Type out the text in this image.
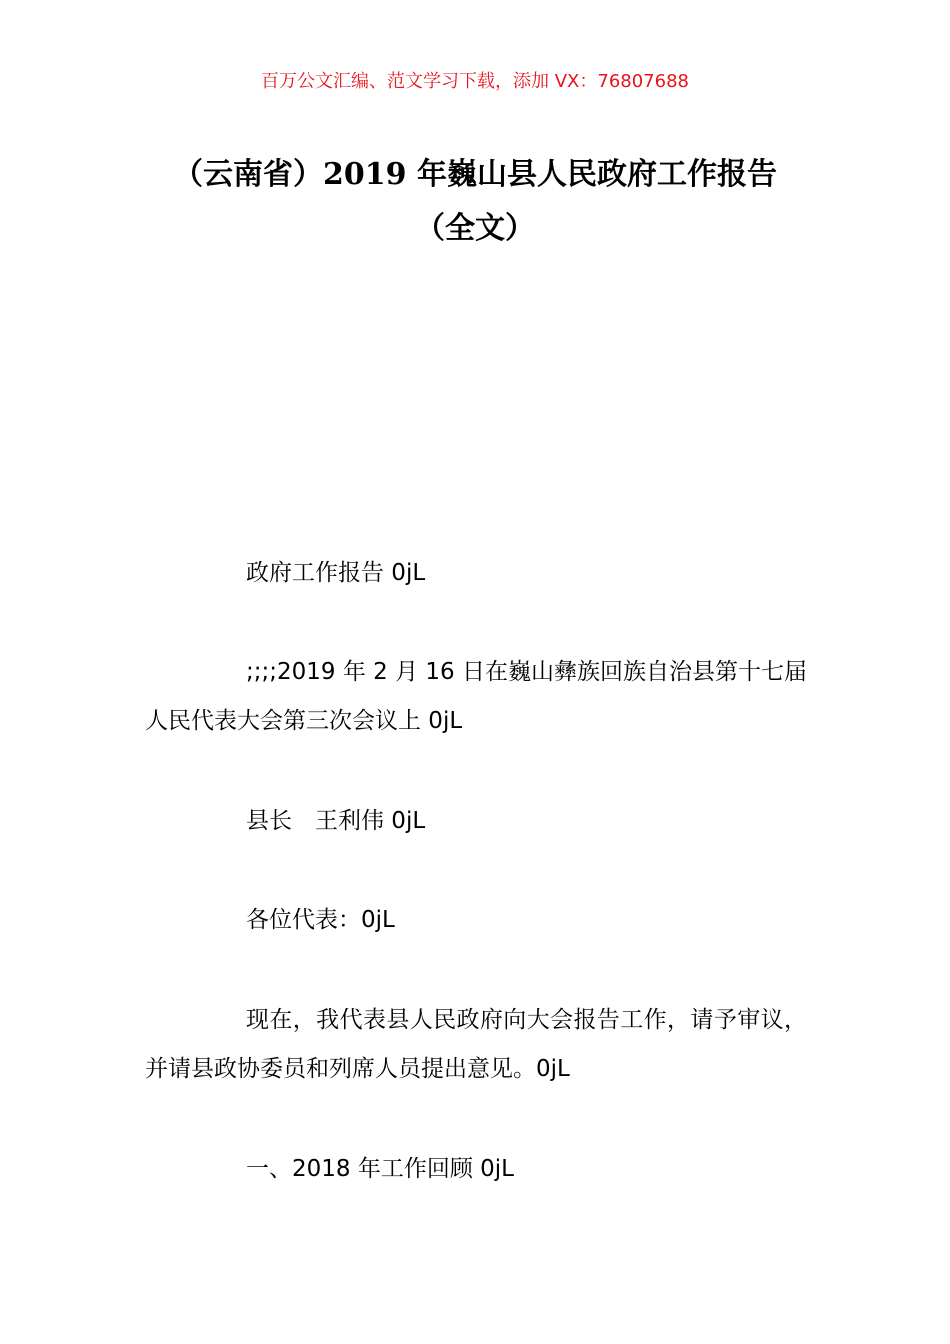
百万公文汇编、范文学习下载，添加 VX：76807688
（云南省）2019 年巍山县人民政府工作报告（全文）
政府工作报告 0jL
;;;;2019 年 2 月 16 日在巍山彝族回族自治县第十七届人民代表大会第三次会议上 0jL
县长　王利伟 0jL
各位代表：0jL
现在，我代表县人民政府向大会报告工作，请予审议，并请县政协委员和列席人员提出意见。0jL
一、2018 年工作回顾 0jL
